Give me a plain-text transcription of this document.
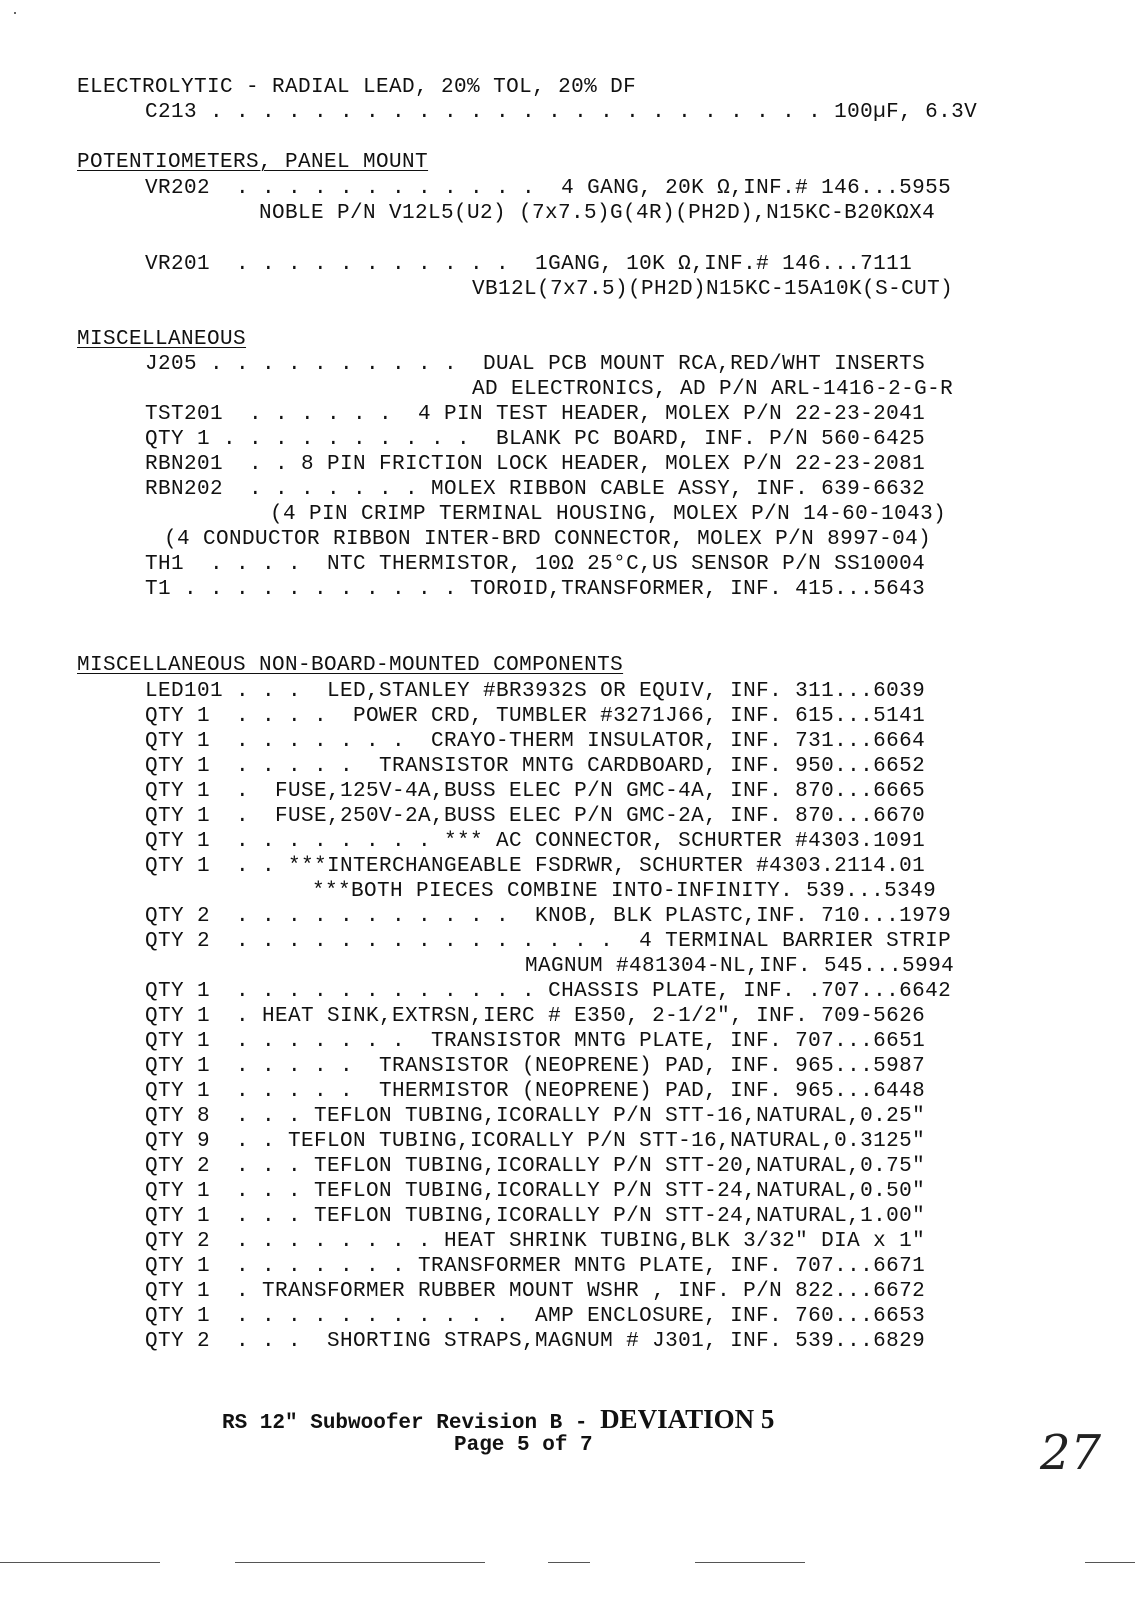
ELECTROLYTIC - RADIAL LEAD, 20% TOL, 20% DF
C213 . . . . . . . . . . . . . . . . . . . . . . . . 100µF, 6.3V
POTENTIOMETERS, PANEL MOUNT
VR202  . . . . . . . . . . . .  4 GANG, 20K Ω,INF.# 146...5955
NOBLE P/N V12L5(U2) (7x7.5)G(4R)(PH2D),N15KC-B20KΩX4
VR201  . . . . . . . . . . .  1GANG, 10K Ω,INF.# 146...7111
VB12L(7x7.5)(PH2D)N15KC-15A10K(S-CUT)
MISCELLANEOUS
J205 . . . . . . . . . .  DUAL PCB MOUNT RCA,RED/WHT INSERTS
AD ELECTRONICS, AD P/N ARL-1416-2-G-R
TST201  . . . . . .  4 PIN TEST HEADER, MOLEX P/N 22-23-2041
QTY 1 . . . . . . . . . .  BLANK PC BOARD, INF. P/N 560-6425
RBN201  . . 8 PIN FRICTION LOCK HEADER, MOLEX P/N 22-23-2081
RBN202  . . . . . . . MOLEX RIBBON CABLE ASSY, INF. 639-6632
(4 PIN CRIMP TERMINAL HOUSING, MOLEX P/N 14-60-1043)
(4 CONDUCTOR RIBBON INTER-BRD CONNECTOR, MOLEX P/N 8997-04)
TH1  . . . .  NTC THERMISTOR, 10Ω 25°C,US SENSOR P/N SS10004
T1 . . . . . . . . . . . TOROID,TRANSFORMER, INF. 415...5643
MISCELLANEOUS NON-BOARD-MOUNTED COMPONENTS
LED101 . . .  LED,STANLEY #BR3932S OR EQUIV, INF. 311...6039
QTY 1  . . . .  POWER CRD, TUMBLER #3271J66, INF. 615...5141
QTY 1  . . . . . . .  CRAYO-THERM INSULATOR, INF. 731...6664
QTY 1  . . . . .  TRANSISTOR MNTG CARDBOARD, INF. 950...6652
QTY 1  .  FUSE,125V-4A,BUSS ELEC P/N GMC-4A, INF. 870...6665
QTY 1  .  FUSE,250V-2A,BUSS ELEC P/N GMC-2A, INF. 870...6670
QTY 1  . . . . . . . . *** AC CONNECTOR, SCHURTER #4303.1091
QTY 1  . . ***INTERCHANGEABLE FSDRWR, SCHURTER #4303.2114.01
***BOTH PIECES COMBINE INTO-INFINITY. 539...5349
QTY 2  . . . . . . . . . . .  KNOB, BLK PLASTC,INF. 710...1979
QTY 2  . . . . . . . . . . . . . . .  4 TERMINAL BARRIER STRIP
MAGNUM #481304-NL,INF. 545...5994
QTY 1  . . . . . . . . . . . . CHASSIS PLATE, INF. .707...6642
QTY 1  . HEAT SINK,EXTRSN,IERC # E350, 2-1/2", INF. 709-5626
QTY 1  . . . . . . .  TRANSISTOR MNTG PLATE, INF. 707...6651
QTY 1  . . . . .  TRANSISTOR (NEOPRENE) PAD, INF. 965...5987
QTY 1  . . . . .  THERMISTOR (NEOPRENE) PAD, INF. 965...6448
QTY 8  . . . TEFLON TUBING,ICORALLY P/N STT-16,NATURAL,0.25"
QTY 9  . . TEFLON TUBING,ICORALLY P/N STT-16,NATURAL,0.3125"
QTY 2  . . . TEFLON TUBING,ICORALLY P/N STT-20,NATURAL,0.75"
QTY 1  . . . TEFLON TUBING,ICORALLY P/N STT-24,NATURAL,0.50"
QTY 1  . . . TEFLON TUBING,ICORALLY P/N STT-24,NATURAL,1.00"
QTY 2  . . . . . . . . HEAT SHRINK TUBING,BLK 3/32" DIA x 1"
QTY 1  . . . . . . . TRANSFORMER MNTG PLATE, INF. 707...6671
QTY 1  . TRANSFORMER RUBBER MOUNT WSHR , INF. P/N 822...6672
QTY 1  . . . . . . . . . . .  AMP ENCLOSURE, INF. 760...6653
QTY 2  . . .  SHORTING STRAPS,MAGNUM # J301, INF. 539...6829
RS 12" Subwoofer Revision B - DEVIATION 5
Page 5 of 7	27
